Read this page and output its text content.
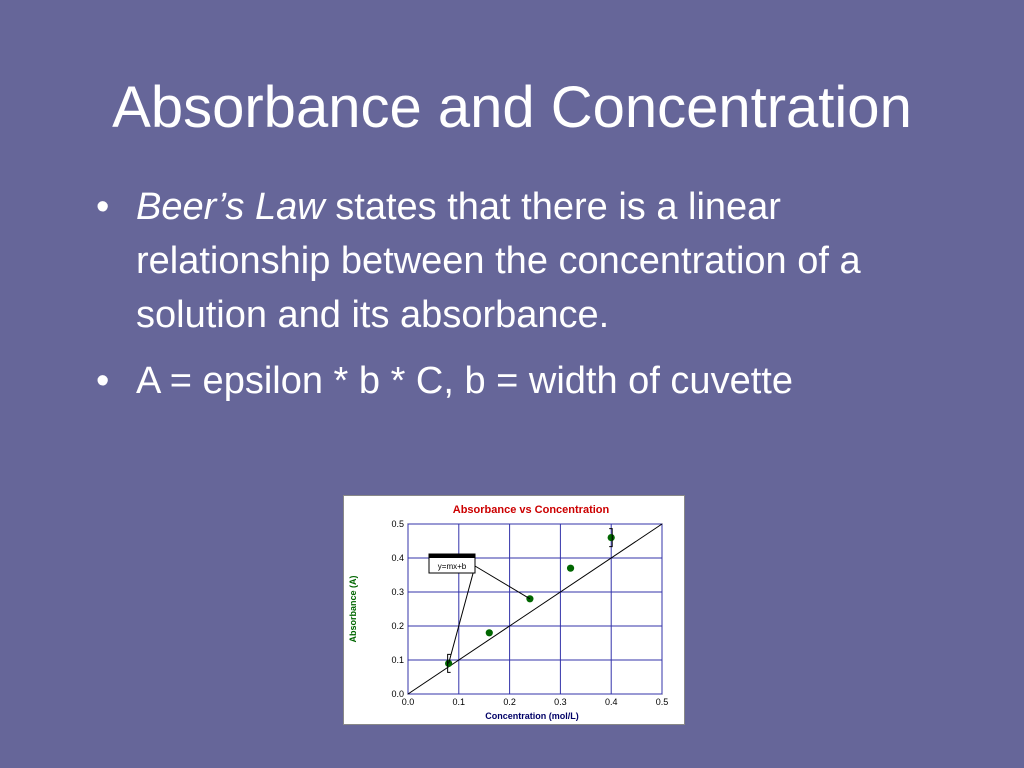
Absorbance and Concentration
• Beer’s Law states that there is a linear relationship between the concentration of a solution and its absorbance.
• A = epsilon * b * C, b = width of cuvette
Absorbance vs Concentration
Absorbance (A)
Concentration (mol/L)
0.0	0.1	0.2	0.3	0.4	0.5
0.0
0.1
0.2
0.3
0.4
0.5
y=mx+b
